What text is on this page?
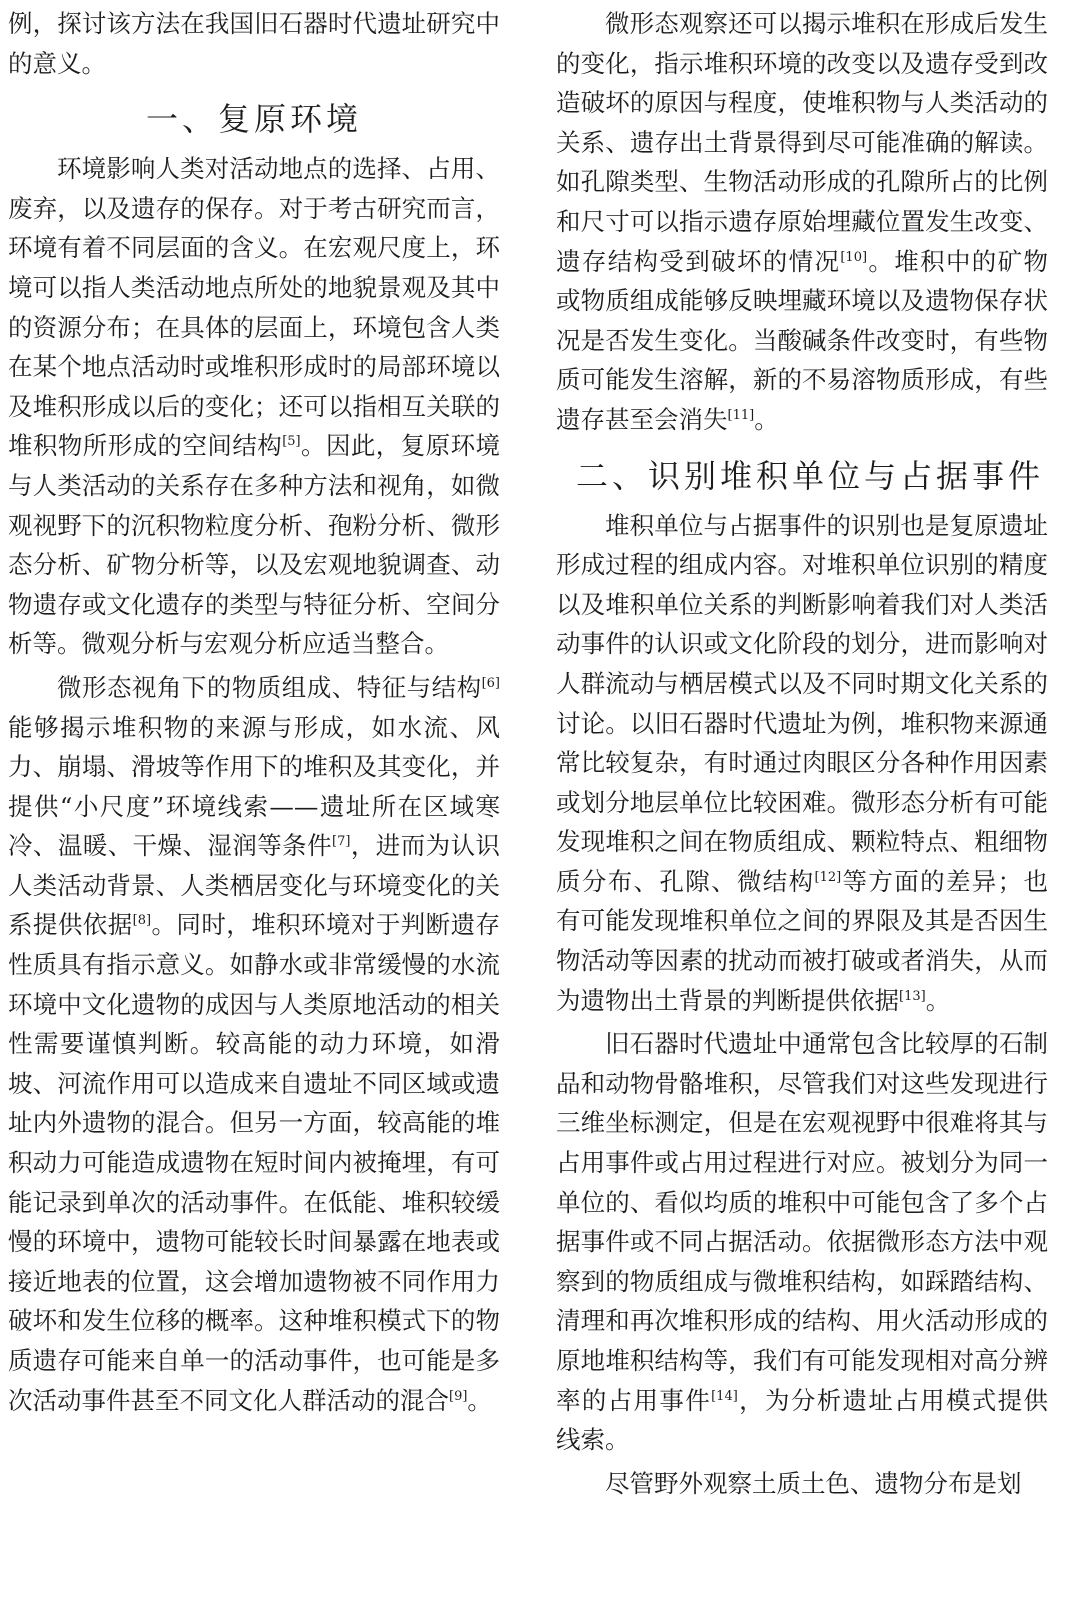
例，探讨该方法在我国旧石器时代遗址研究中的意义。

一、复原环境

环境影响人类对活动地点的选择、占用、废弃，以及遗存的保存。对于考古研究而言，环境有着不同层面的含义。在宏观尺度上，环境可以指人类活动地点所处的地貌景观及其中的资源分布；在具体的层面上，环境包含人类在某个地点活动时或堆积形成时的局部环境以及堆积形成以后的变化；还可以指相互关联的堆积物所形成的空间结构[5]。因此，复原环境与人类活动的关系存在多种方法和视角，如微观视野下的沉积物粒度分析、孢粉分析、微形态分析、矿物分析等，以及宏观地貌调查、动物遗存或文化遗存的类型与特征分析、空间分析等。微观分析与宏观分析应适当整合。

微形态视角下的物质组成、特征与结构[6]能够揭示堆积物的来源与形成，如水流、风力、崩塌、滑坡等作用下的堆积及其变化，并提供“小尺度”环境线索——遗址所在区域寒冷、温暖、干燥、湿润等条件[7]，进而为认识人类活动背景、人类栖居变化与环境变化的关系提供依据[8]。同时，堆积环境对于判断遗存性质具有指示意义。如静水或非常缓慢的水流环境中文化遗物的成因与人类原地活动的相关性需要谨慎判断。较高能的动力环境，如滑坡、河流作用可以造成来自遗址不同区域或遗址内外遗物的混合。但另一方面，较高能的堆积动力可能造成遗物在短时间内被掩埋，有可能记录到单次的活动事件。在低能、堆积较缓慢的环境中，遗物可能较长时间暴露在地表或接近地表的位置，这会增加遗物被不同作用力破坏和发生位移的概率。这种堆积模式下的物质遗存可能来自单一的活动事件，也可能是多次活动事件甚至不同文化人群活动的混合[9]。

微形态观察还可以揭示堆积在形成后发生的变化，指示堆积环境的改变以及遗存受到改造破坏的原因与程度，使堆积物与人类活动的关系、遗存出土背景得到尽可能准确的解读。如孔隙类型、生物活动形成的孔隙所占的比例和尺寸可以指示遗存原始埋藏位置发生改变、遗存结构受到破坏的情况[10]。堆积中的矿物或物质组成能够反映埋藏环境以及遗物保存状况是否发生变化。当酸碱条件改变时，有些物质可能发生溶解，新的不易溶物质形成，有些遗存甚至会消失[11]。

二、识别堆积单位与占据事件

堆积单位与占据事件的识别也是复原遗址形成过程的组成内容。对堆积单位识别的精度以及堆积单位关系的判断影响着我们对人类活动事件的认识或文化阶段的划分，进而影响对人群流动与栖居模式以及不同时期文化关系的讨论。以旧石器时代遗址为例，堆积物来源通常比较复杂，有时通过肉眼区分各种作用因素或划分地层单位比较困难。微形态分析有可能发现堆积之间在物质组成、颗粒特点、粗细物质分布、孔隙、微结构[12]等方面的差异；也有可能发现堆积单位之间的界限及其是否因生物活动等因素的扰动而被打破或者消失，从而为遗物出土背景的判断提供依据[13]。

旧石器时代遗址中通常包含比较厚的石制品和动物骨骼堆积，尽管我们对这些发现进行三维坐标测定，但是在宏观视野中很难将其与占用事件或占用过程进行对应。被划分为同一单位的、看似均质的堆积中可能包含了多个占据事件或不同占据活动。依据微形态方法中观察到的物质组成与微堆积结构，如踩踏结构、清理和再次堆积形成的结构、用火活动形成的原地堆积结构等，我们有可能发现相对高分辨率的占用事件[14]，为分析遗址占用模式提供线索。

尽管野外观察土质土色、遗物分布是划
